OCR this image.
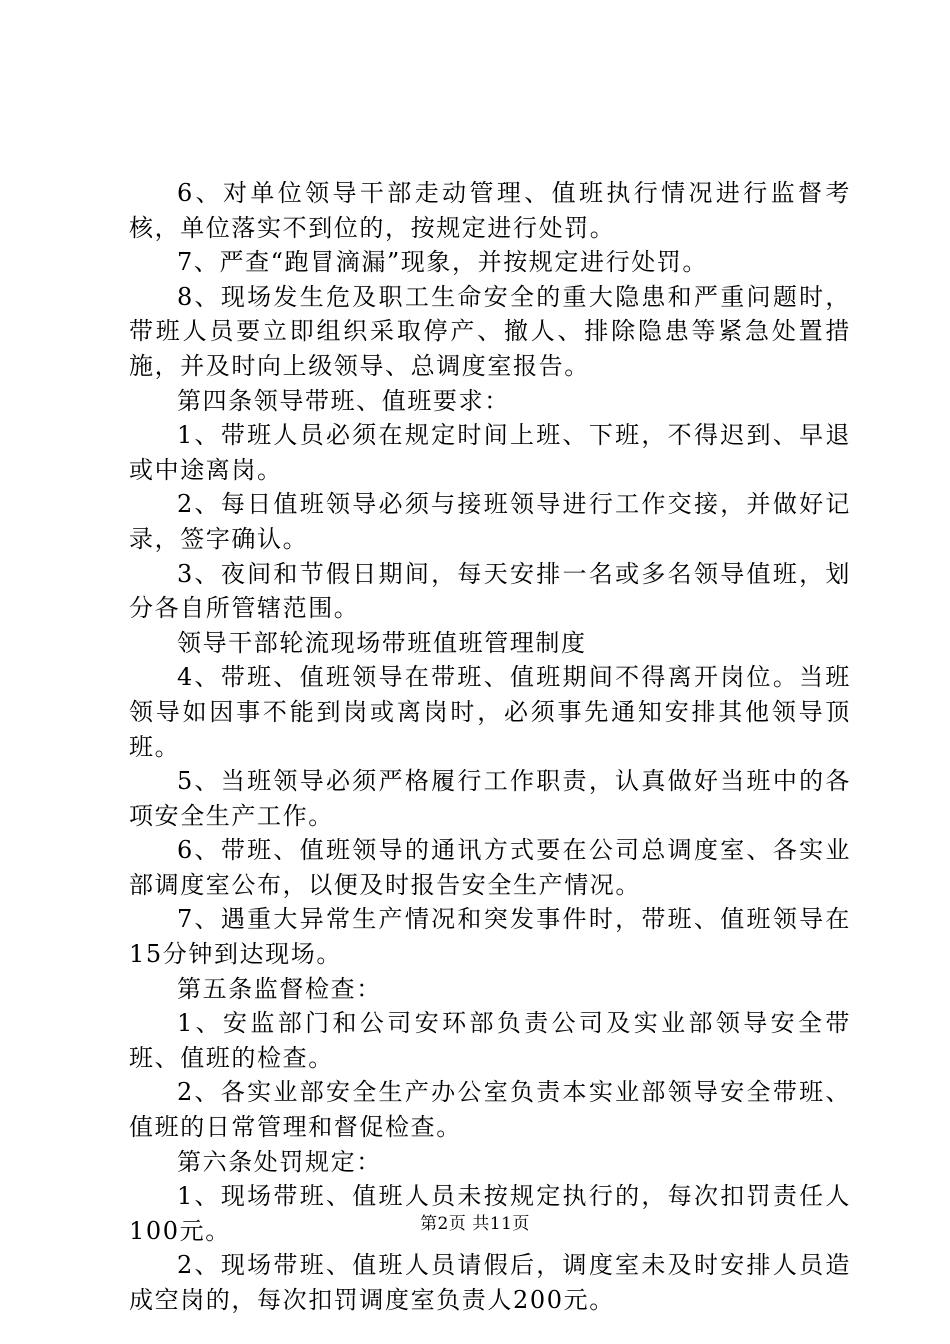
6、对单位领导干部走动管理、值班执行情况进行监督考核，单位落实不到位的，按规定进行处罚。

7、严查“跑冒滴漏”现象，并按规定进行处罚。

8、现场发生危及职工生命安全的重大隐患和严重问题时，带班人员要立即组织采取停产、撤人、排除隐患等紧急处置措施，并及时向上级领导、总调度室报告。

第四条领导带班、值班要求：

1、带班人员必须在规定时间上班、下班，不得迟到、早退或中途离岗。

2、每日值班领导必须与接班领导进行工作交接，并做好记录，签字确认。

3、夜间和节假日期间，每天安排一名或多名领导值班，划分各自所管辖范围。

领导干部轮流现场带班值班管理制度

4、带班、值班领导在带班、值班期间不得离开岗位。当班领导如因事不能到岗或离岗时，必须事先通知安排其他领导顶班。

5、当班领导必须严格履行工作职责，认真做好当班中的各项安全生产工作。

6、带班、值班领导的通讯方式要在公司总调度室、各实业部调度室公布，以便及时报告安全生产情况。

7、遇重大异常生产情况和突发事件时，带班、值班领导在15分钟到达现场。

第五条监督检查：

1、安监部门和公司安环部负责公司及实业部领导安全带班、值班的检查。

2、各实业部安全生产办公室负责本实业部领导安全带班、值班的日常管理和督促检查。

第六条处罚规定：

1、现场带班、值班人员未按规定执行的，每次扣罚责任人100元。

2、现场带班、值班人员请假后，调度室未及时安排人员造成空岗的，每次扣罚调度室负责人200元。

第2页 共11页
